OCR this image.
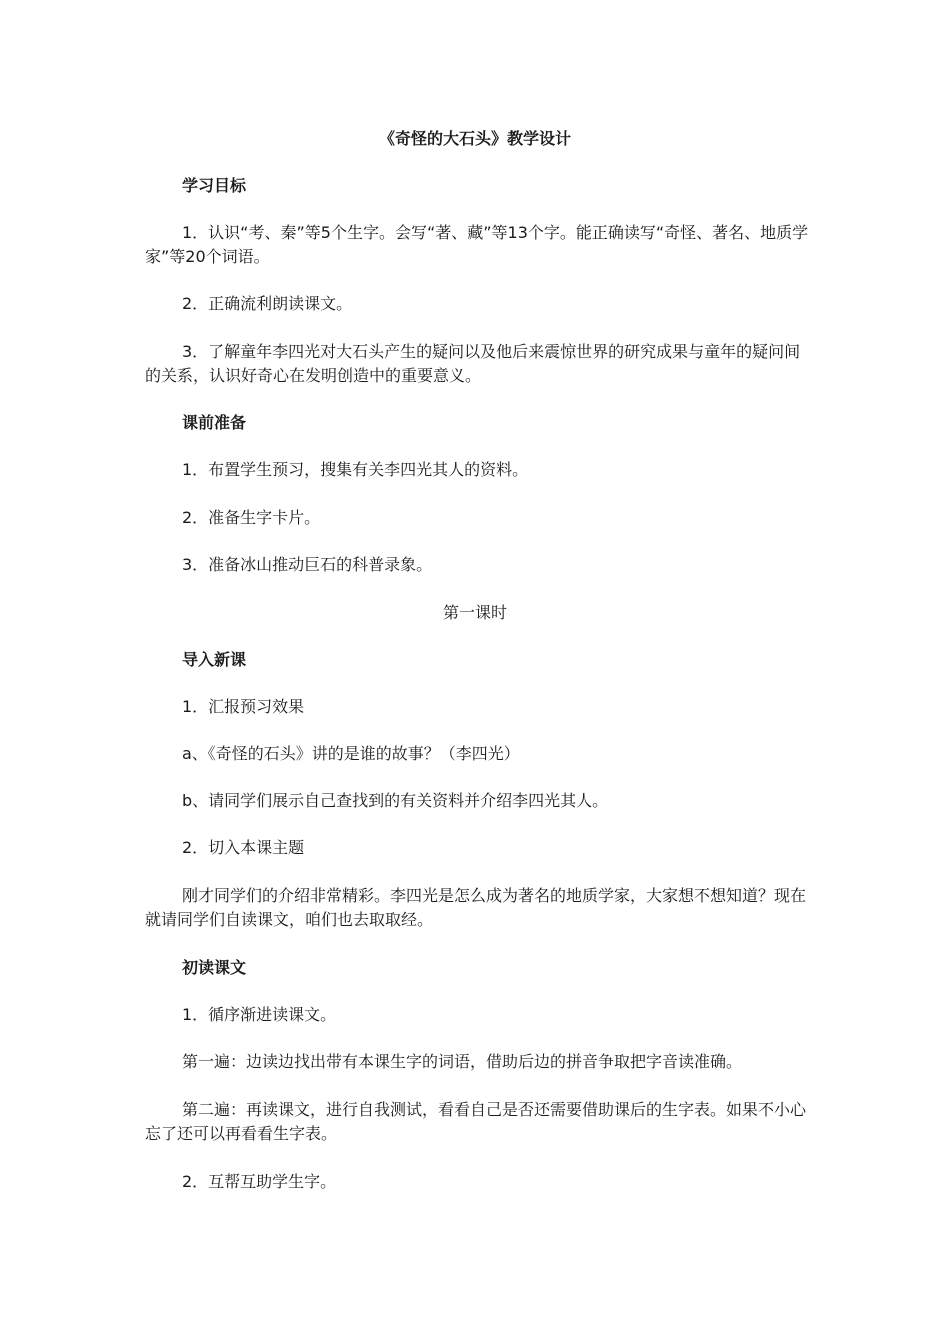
《奇怪的大石头》教学设计

学习目标

1．认识“考、秦”等5个生字。会写“著、藏”等13个字。能正确读写“奇怪、著名、地质学家”等20个词语。

2．正确流利朗读课文。

3．了解童年李四光对大石头产生的疑问以及他后来震惊世界的研究成果与童年的疑问间的关系，认识好奇心在发明创造中的重要意义。

课前准备

1．布置学生预习，搜集有关李四光其人的资料。

2．准备生字卡片。

3．准备冰山推动巨石的科普录象。

第一课时

导入新课

1．汇报预习效果

a、《奇怪的石头》讲的是谁的故事？（李四光）

b、请同学们展示自己查找到的有关资料并介绍李四光其人。

2．切入本课主题

刚才同学们的介绍非常精彩。李四光是怎么成为著名的地质学家，大家想不想知道？现在就请同学们自读课文，咱们也去取取经。

初读课文

1．循序渐进读课文。

第一遍：边读边找出带有本课生字的词语，借助后边的拼音争取把字音读准确。

第二遍：再读课文，进行自我测试，看看自己是否还需要借助课后的生字表。如果不小心忘了还可以再看看生字表。

2．互帮互助学生字。
